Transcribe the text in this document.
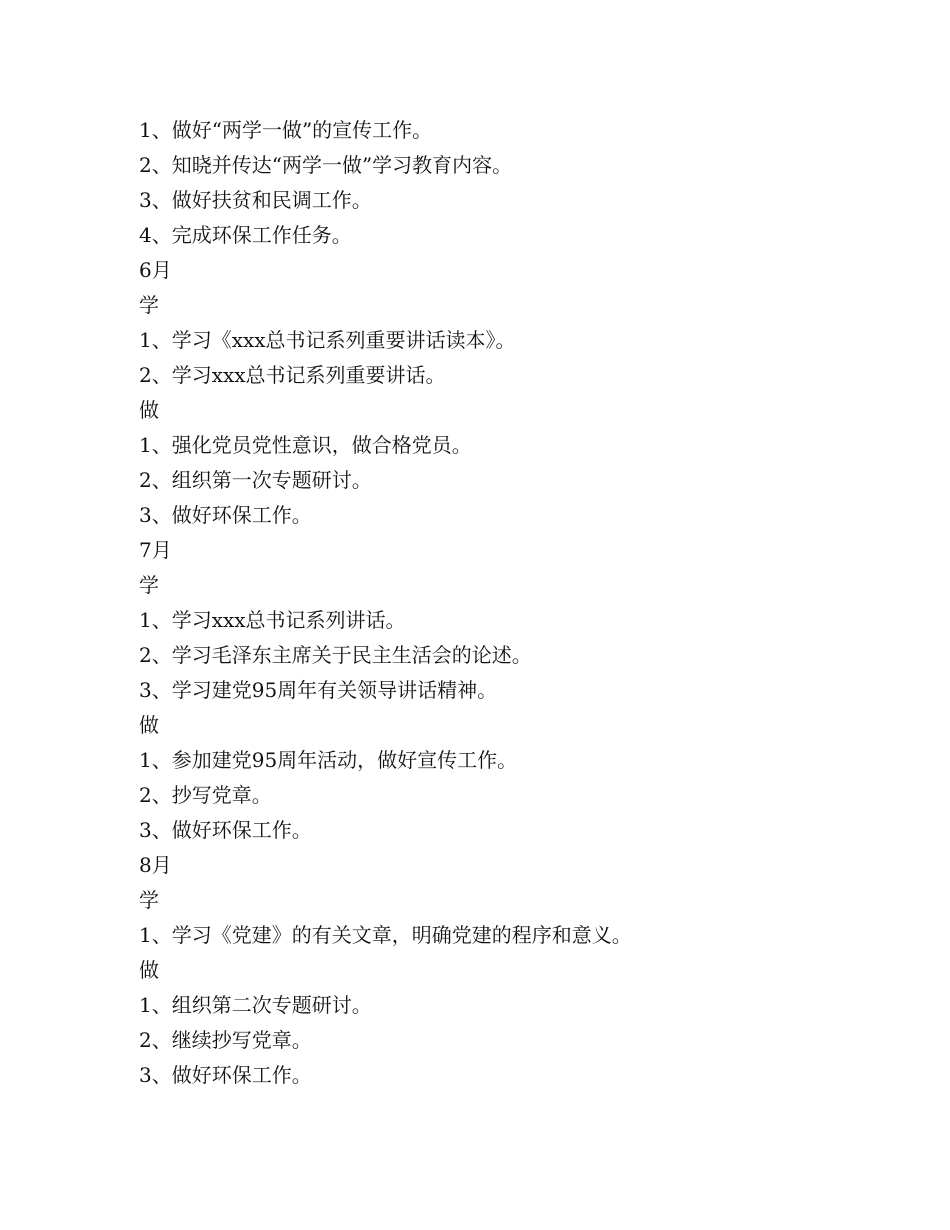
1、做好“两学一做”的宣传工作。
2、知晓并传达“两学一做”学习教育内容。
3、做好扶贫和民调工作。
4、完成环保工作任务。
6月
学
1、学习《xxx总书记系列重要讲话读本》。
2、学习xxx总书记系列重要讲话。
做
1、强化党员党性意识，做合格党员。
2、组织第一次专题研讨。
3、做好环保工作。
7月
学
1、学习xxx总书记系列讲话。
2、学习毛泽东主席关于民主生活会的论述。
3、学习建党95周年有关领导讲话精神。
做
1、参加建党95周年活动，做好宣传工作。
2、抄写党章。
3、做好环保工作。
8月
学
1、学习《党建》的有关文章，明确党建的程序和意义。
做
1、组织第二次专题研讨。
2、继续抄写党章。
3、做好环保工作。
